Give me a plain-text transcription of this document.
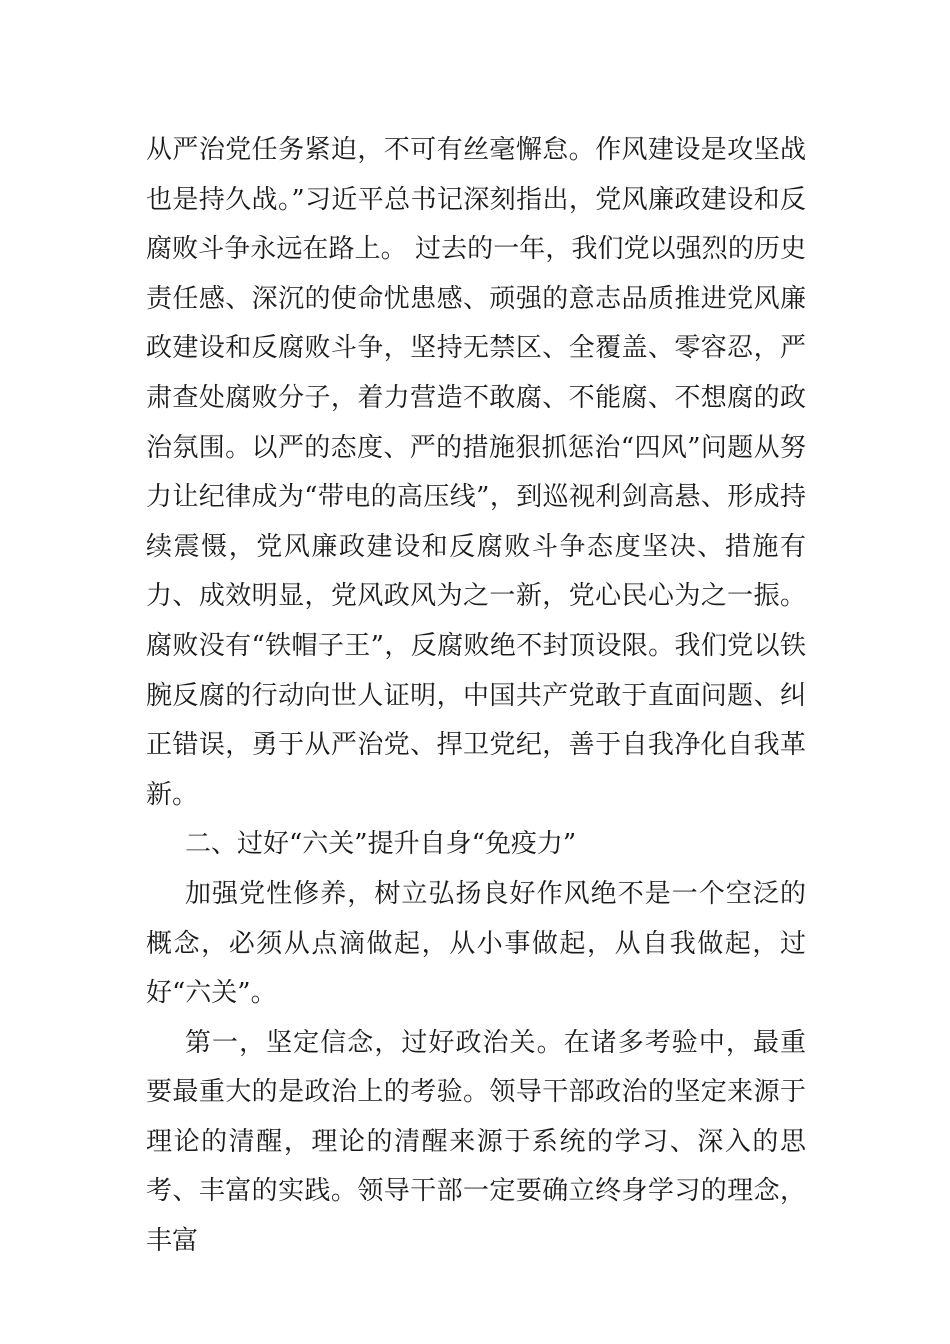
从严治党任务紧迫，不可有丝毫懈怠。作风建设是攻坚战也是持久战。”习近平总书记深刻指出，党风廉政建设和反腐败斗争永远在路上。 过去的一年，我们党以强烈的历史责任感、深沉的使命忧患感、顽强的意志品质推进党风廉政建设和反腐败斗争，坚持无禁区、全覆盖、零容忍，严肃查处腐败分子，着力营造不敢腐、不能腐、不想腐的政治氛围。以严的态度、严的措施狠抓惩治“四风”问题从努力让纪律成为“带电的高压线”，到巡视利剑高悬、形成持续震慑，党风廉政建设和反腐败斗争态度坚决、措施有力、成效明显，党风政风为之一新，党心民心为之一振。腐败没有“铁帽子王”，反腐败绝不封顶设限。我们党以铁腕反腐的行动向世人证明，中国共产党敢于直面问题、纠正错误，勇于从严治党、捍卫党纪，善于自我净化自我革新。

二、过好“六关”提升自身“免疫力”

加强党性修养，树立弘扬良好作风绝不是一个空泛的概念，必须从点滴做起，从小事做起，从自我做起，过好“六关”。

第一，坚定信念，过好政治关。在诸多考验中，最重要最重大的是政治上的考验。领导干部政治的坚定来源于理论的清醒，理论的清醒来源于系统的学习、深入的思考、丰富的实践。领导干部一定要确立终身学习的理念，丰富
